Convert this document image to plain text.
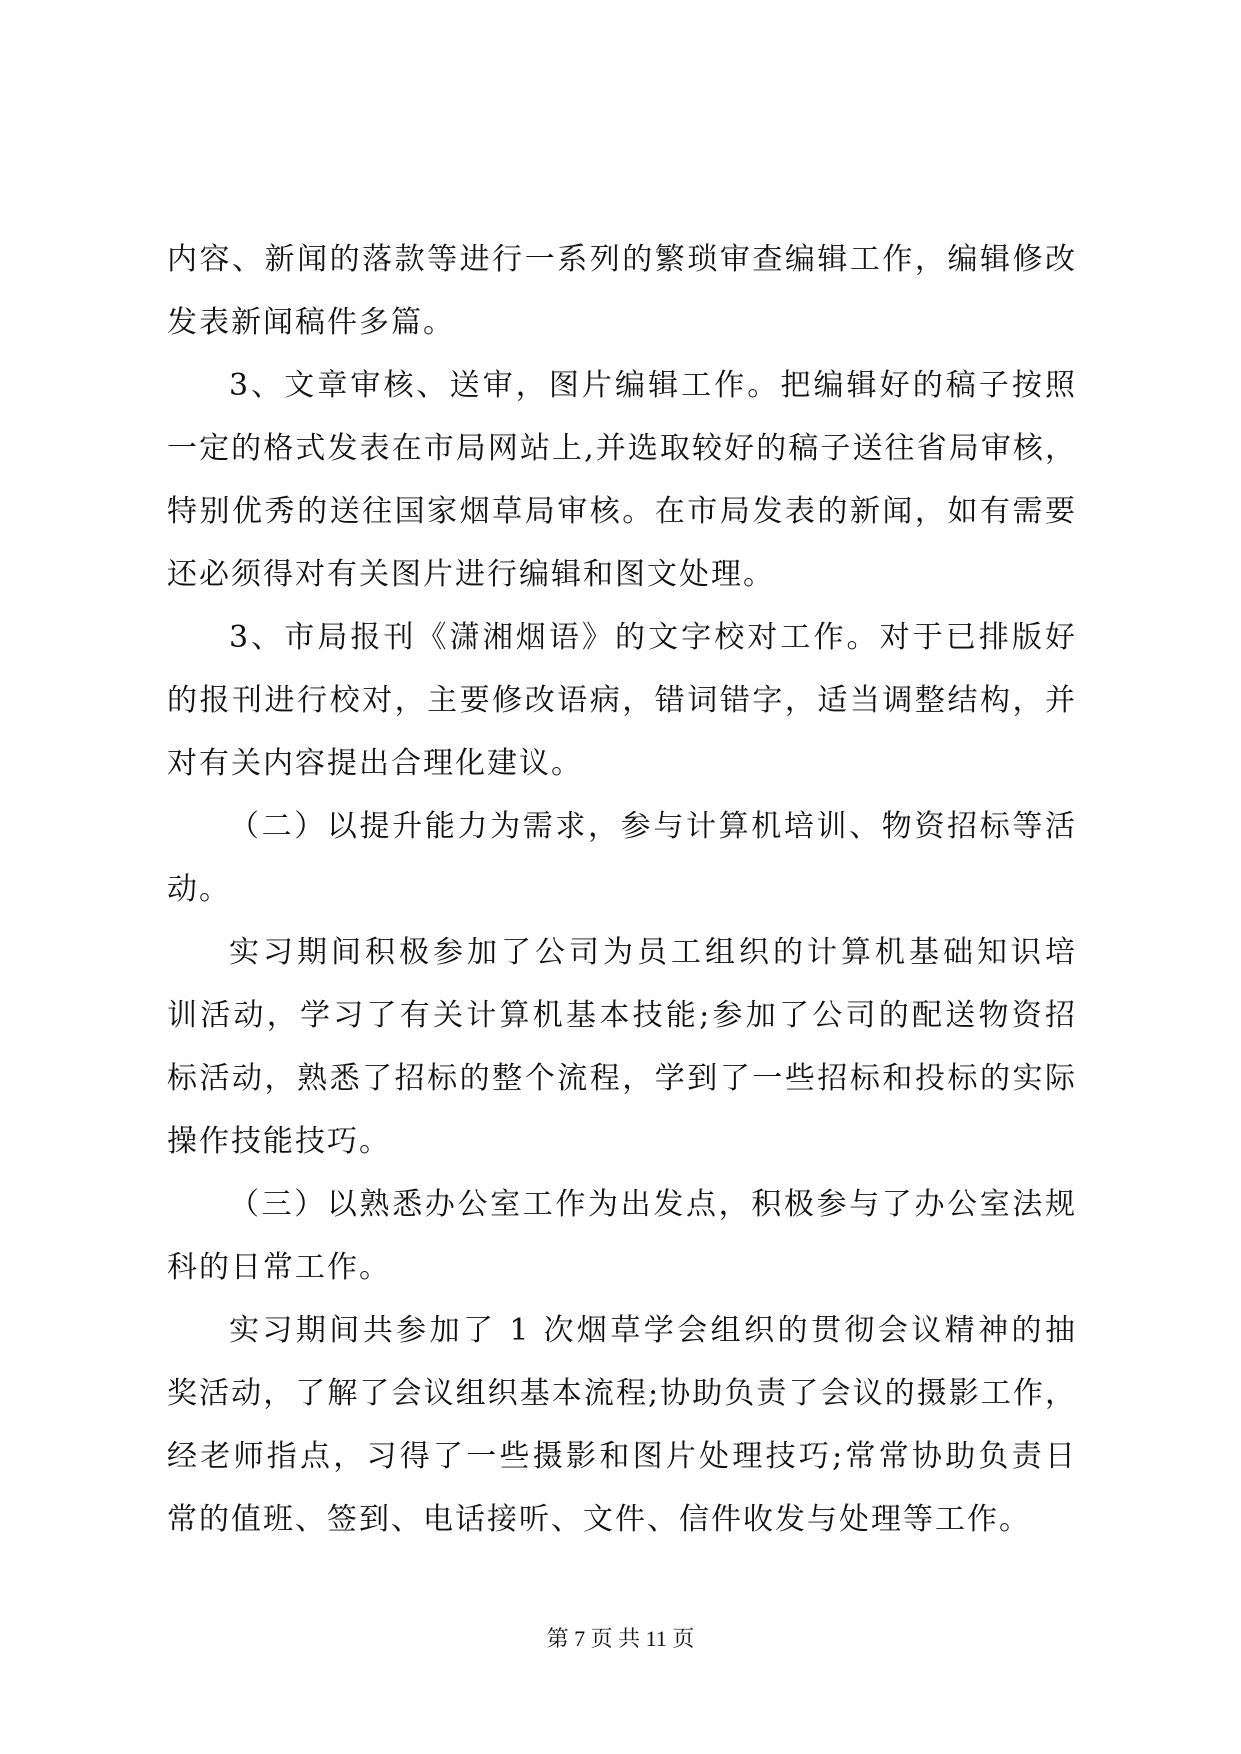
内容、新闻的落款等进行一系列的繁琐审查编辑工作，编辑修改
发表新闻稿件多篇。
3、文章审核、送审，图片编辑工作。把编辑好的稿子按照
一定的格式发表在市局网站上,并选取较好的稿子送往省局审核，
特别优秀的送往国家烟草局审核。在市局发表的新闻，如有需要
还必须得对有关图片进行编辑和图文处理。
3、市局报刊《潇湘烟语》的文字校对工作。对于已排版好
的报刊进行校对，主要修改语病，错词错字，适当调整结构，并
对有关内容提出合理化建议。
（二）以提升能力为需求，参与计算机培训、物资招标等活
动。
实习期间积极参加了公司为员工组织的计算机基础知识培
训活动，学习了有关计算机基本技能;参加了公司的配送物资招
标活动，熟悉了招标的整个流程，学到了一些招标和投标的实际
操作技能技巧。
（三）以熟悉办公室工作为出发点，积极参与了办公室法规
科的日常工作。
实习期间共参加了 1 次烟草学会组织的贯彻会议精神的抽
奖活动，了解了会议组织基本流程;协助负责了会议的摄影工作，
经老师指点，习得了一些摄影和图片处理技巧;常常协助负责日
常的值班、签到、电话接听、文件、信件收发与处理等工作。
第 7 页 共 11 页
